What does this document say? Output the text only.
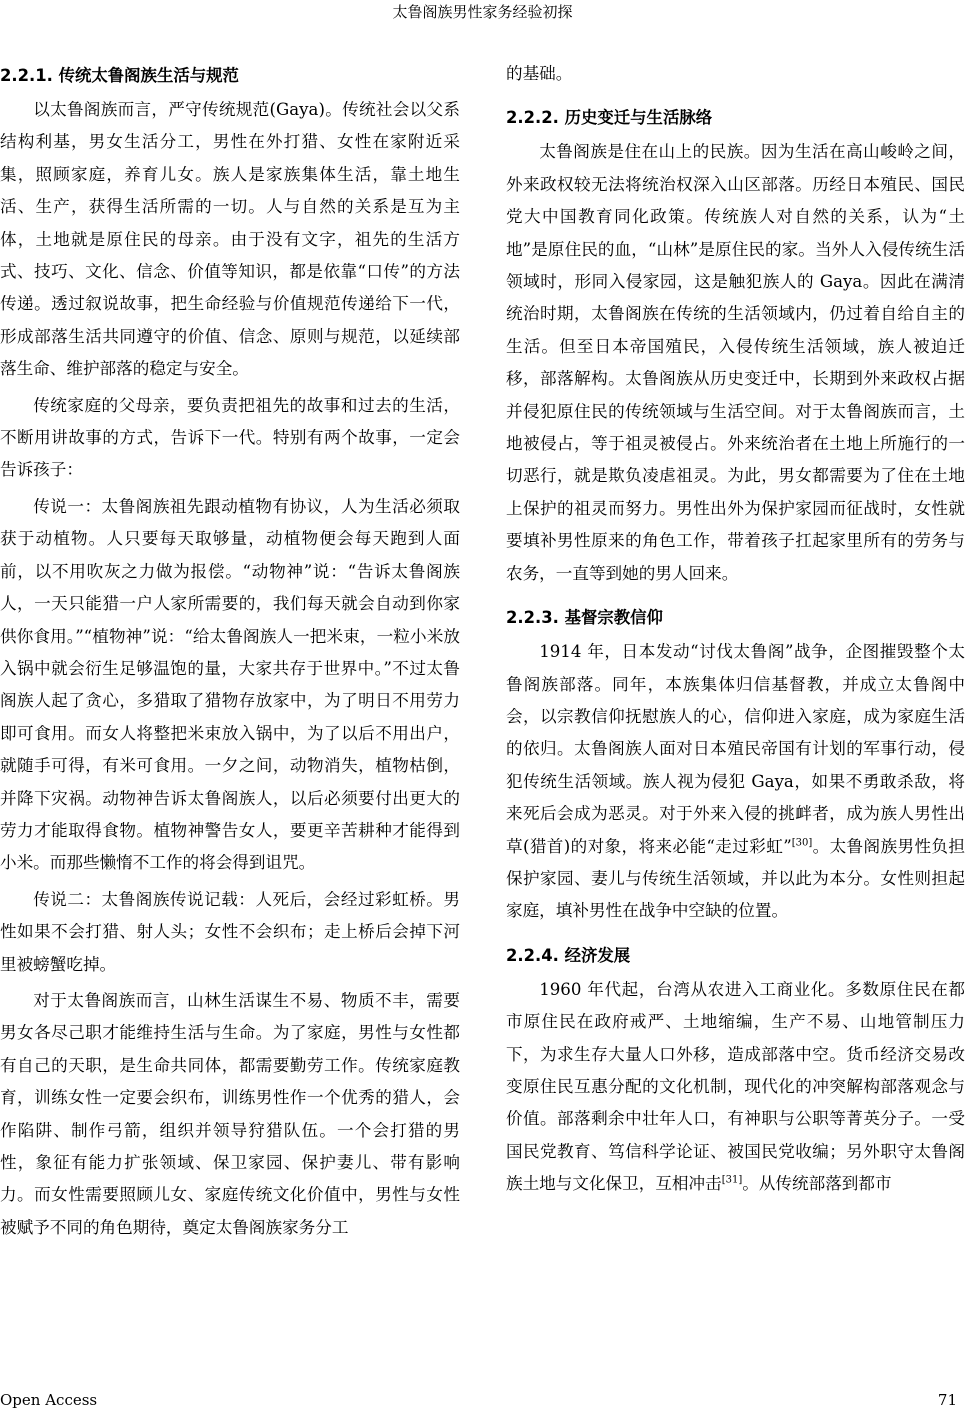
太鲁阁族男性家务经验初探
2.2.1. 传统太鲁阁族生活与规范

以太鲁阁族而言，严守传统规范(Gaya)。传统社会以父系结构利基，男女生活分工，男性在外打猎、女性在家附近采集，照顾家庭，养育儿女。族人是家族集体生活，靠土地生活、生产，获得生活所需的一切。人与自然的关系是互为主体，土地就是原住民的母亲。由于没有文字，祖先的生活方式、技巧、文化、信念、价值等知识，都是依靠“口传”的方法传递。透过叙说故事，把生命经验与价值规范传递给下一代，形成部落生活共同遵守的价值、信念、原则与规范，以延续部落生命、维护部落的稳定与安全。

传统家庭的父母亲，要负责把祖先的故事和过去的生活，不断用讲故事的方式，告诉下一代。特别有两个故事，一定会告诉孩子：

传说一：太鲁阁族祖先跟动植物有协议，人为生活必须取获于动植物。人只要每天取够量，动植物便会每天跑到人面前，以不用吹灰之力做为报偿。“动物神”说：“告诉太鲁阁族人，一天只能猎一户人家所需要的，我们每天就会自动到你家供你食用。”“植物神”说：“给太鲁阁族人一把米束，一粒小米放入锅中就会衍生足够温饱的量，大家共存于世界中。”不过太鲁阁族人起了贪心，多猎取了猎物存放家中，为了明日不用劳力即可食用。而女人将整把米束放入锅中，为了以后不用出户，就随手可得，有米可食用。一夕之间，动物消失，植物枯倒，并降下灾祸。动物神告诉太鲁阁族人，以后必须要付出更大的劳力才能取得食物。植物神警告女人，要更辛苦耕种才能得到小米。而那些懒惰不工作的将会得到诅咒。

传说二：太鲁阁族传说记载：人死后，会经过彩虹桥。男性如果不会打猎、射人头；女性不会织布；走上桥后会掉下河里被螃蟹吃掉。

对于太鲁阁族而言，山林生活谋生不易、物质不丰，需要男女各尽己职才能维持生活与生命。为了家庭，男性与女性都有自己的天职，是生命共同体，都需要勤劳工作。传统家庭教育，训练女性一定要会织布，训练男性作一个优秀的猎人，会作陷阱、制作弓箭，组织并领导狩猎队伍。一个会打猎的男性，象征有能力扩张领域、保卫家园、保护妻儿、带有影响力。而女性需要照顾儿女、家庭传统文化价值中，男性与女性被赋予不同的角色期待，奠定太鲁阁族家务分工

的基础。

2.2.2. 历史变迁与生活脉络

太鲁阁族是住在山上的民族。因为生活在高山峻岭之间，外来政权较无法将统治权深入山区部落。历经日本殖民、国民党大中国教育同化政策。传统族人对自然的关系，认为“土地”是原住民的血，“山林”是原住民的家。当外人入侵传统生活领域时，形同入侵家园，这是触犯族人的 Gaya。因此在满清统治时期，太鲁阁族在传统的生活领域内，仍过着自给自主的生活。但至日本帝国殖民，入侵传统生活领域，族人被迫迁移，部落解构。太鲁阁族从历史变迁中，长期到外来政权占据并侵犯原住民的传统领域与生活空间。对于太鲁阁族而言，土地被侵占，等于祖灵被侵占。外来统治者在土地上所施行的一切恶行，就是欺负凌虐祖灵。为此，男女都需要为了住在土地上保护的祖灵而努力。男性出外为保护家园而征战时，女性就要填补男性原来的角色工作，带着孩子扛起家里所有的劳务与农务，一直等到她的男人回来。

2.2.3. 基督宗教信仰

1914 年，日本发动“讨伐太鲁阁”战争，企图摧毁整个太鲁阁族部落。同年，本族集体归信基督教，并成立太鲁阁中会，以宗教信仰抚慰族人的心，信仰进入家庭，成为家庭生活的依归。太鲁阁族人面对日本殖民帝国有计划的军事行动，侵犯传统生活领域。族人视为侵犯 Gaya，如果不勇敢杀敌，将来死后会成为恶灵。对于外来入侵的挑衅者，成为族人男性出草(猎首)的对象，将来必能“走过彩虹”[30]。太鲁阁族男性负担保护家园、妻儿与传统生活领域，并以此为本分。女性则担起家庭，填补男性在战争中空缺的位置。

2.2.4. 经济发展

1960 年代起，台湾从农进入工商业化。多数原住民在都市原住民在政府戒严、土地缩编，生产不易、山地管制压力下，为求生存大量人口外移，造成部落中空。货币经济交易改变原住民互惠分配的文化机制，现代化的冲突解构部落观念与价值。部落剩余中壮年人口，有神职与公职等菁英分子。一受国民党教育、笃信科学论证、被国民党收编；另外职守太鲁阁族土地与文化保卫，互相冲击[31]。从传统部落到都市

Open Access	71
